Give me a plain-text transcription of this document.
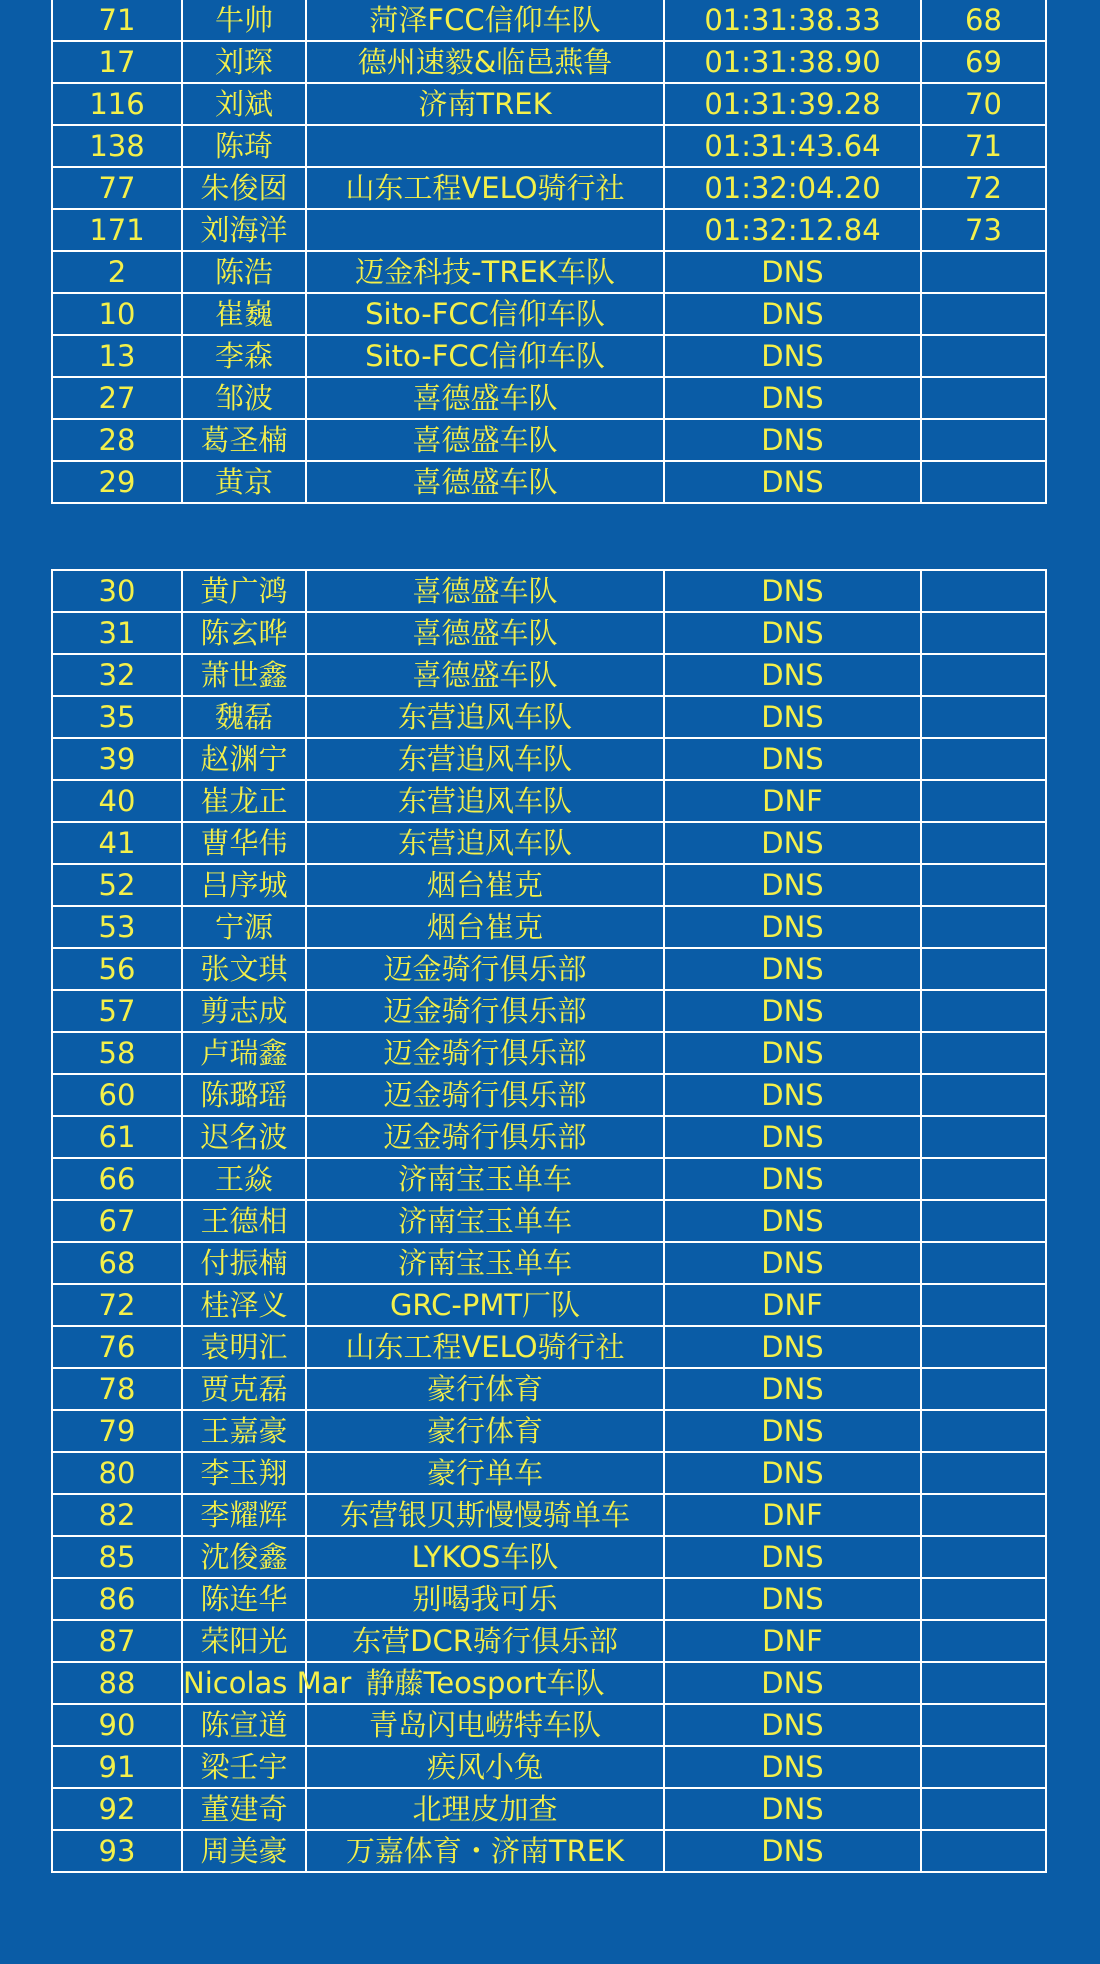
71	牛帅	菏泽FCC信仰车队	01:31:38.33	68
17	刘琛	德州速毅&临邑燕鲁	01:31:38.90	69
116	刘斌	济南TREK	01:31:39.28	70
138	陈琦		01:31:43.64	71
77	朱俊囡	山东工程VELO骑行社	01:32:04.20	72
171	刘海洋		01:32:12.84	73
2	陈浩	迈金科技-TREK车队	DNS	
10	崔巍	Sito-FCC信仰车队	DNS	
13	李森	Sito-FCC信仰车队	DNS	
27	邹波	喜德盛车队	DNS	
28	葛圣楠	喜德盛车队	DNS	
29	黄京	喜德盛车队	DNS	
30	黄广鸿	喜德盛车队	DNS	
31	陈玄晔	喜德盛车队	DNS	
32	萧世鑫	喜德盛车队	DNS	
35	魏磊	东营追风车队	DNS	
39	赵渊宁	东营追风车队	DNS	
40	崔龙正	东营追风车队	DNF	
41	曹华伟	东营追风车队	DNS	
52	吕序城	烟台崔克	DNS	
53	宁源	烟台崔克	DNS	
56	张文琪	迈金骑行俱乐部	DNS	
57	剪志成	迈金骑行俱乐部	DNS	
58	卢瑞鑫	迈金骑行俱乐部	DNS	
60	陈璐瑶	迈金骑行俱乐部	DNS	
61	迟名波	迈金骑行俱乐部	DNS	
66	王焱	济南宝玉单车	DNS	
67	王德相	济南宝玉单车	DNS	
68	付振楠	济南宝玉单车	DNS	
72	桂泽义	GRC-PMT厂队	DNF	
76	袁明汇	山东工程VELO骑行社	DNS	
78	贾克磊	豪行体育	DNS	
79	王嘉豪	豪行体育	DNS	
80	李玉翔	豪行单车	DNS	
82	李耀辉	东营银贝斯慢慢骑单车	DNF	
85	沈俊鑫	LYKOS车队	DNS	
86	陈连华	别喝我可乐	DNS	
87	荣阳光	东营DCR骑行俱乐部	DNF	
88	Nicolas Mar	静藤Teosport车队	DNS	
90	陈宣道	青岛闪电崂特车队	DNS	
91	梁壬宇	疾风小兔	DNS	
92	董建奇	北理皮加查	DNS	
93	周美豪	万嘉体育・济南TREK	DNS	
